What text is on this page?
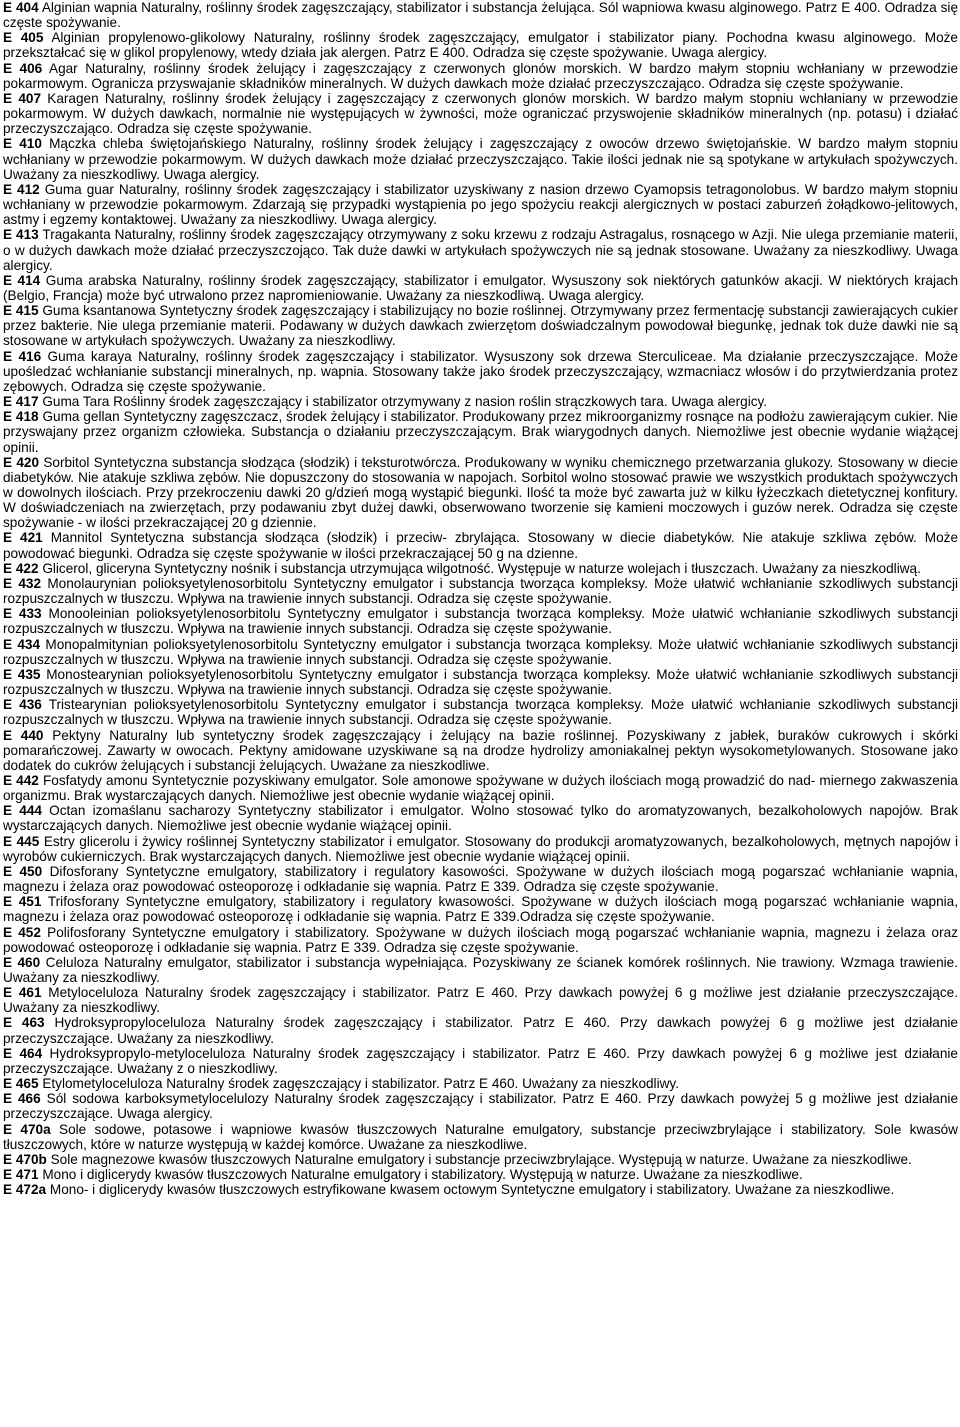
E 404 Alginian wapnia Naturalny, roślinny środek zagęszczający, stabilizator i substancja żelująca. Sól wapniowa kwasu alginowego. Patrz E 400. Odradza się częste spożywanie.

E 405 Alginian propylenowo-glikolowy Naturalny, roślinny środek zagęszczający, emulgator i stabilizator piany. Pochodna kwasu alginowego. Może przekształcać się w glikol propylenowy, wtedy działa jak alergen. Patrz E 400. Odradza się częste spożywanie. Uwaga alergicy.

E 406 Agar Naturalny, roślinny środek żelujący i zagęszczający z czerwonych glonów morskich. W bardzo małym stopniu wchłaniany w przewodzie pokarmowym. Ogranicza przyswajanie składników mineralnych. W dużych dawkach może działać przeczyszczająco. Odradza się częste spożywanie.

E 407 Karagen Naturalny, roślinny środek żelujący i zagęszczający z czerwonych glonów morskich. W bardzo małym stopniu wchłaniany w przewodzie pokarmowym. W dużych dawkach, normalnie nie występujących w żywności, może ograniczać przyswojenie składników mineralnych (np. potasu) i działać przeczyszczająco. Odradza się częste spożywanie.

E 410 Mączka chleba świętojańskiego Naturalny, roślinny środek żelujący i zagęszczający z owoców drzewo świętojańskie. W bardzo małym stopniu wchłaniany w przewodzie pokarmowym. W dużych dawkach może działać przeczyszczająco. Takie ilości jednak nie są spotykane w artykułach spożywczych. Uważany za nieszkodliwy. Uwaga alergicy.

E 412 Guma guar Naturalny, roślinny środek zagęszczający i stabilizator uzyskiwany z nasion drzewo Cyamopsis tetragonolobus. W bardzo małym stopniu wchłaniany w przewodzie pokarmowym. Zdarzają się przypadki wystąpienia po jego spożyciu reakcji alergicznych w postaci zaburzeń żołądkowo-jelitowych, astmy i egzemy kontaktowej. Uważany za nieszkodliwy. Uwaga alergicy.

E 413 Tragakanta Naturalny, roślinny środek zagęszczający otrzymywany z soku krzewu z rodzaju Astragalus, rosnącego w Azji. Nie ulega przemianie materii, o w dużych dawkach może działać przeczyszczojąco. Tak duże dawki w artykułach spożywczych nie są jednak stosowane. Uważany za nieszkodliwy. Uwaga alergicy.

E 414 Guma arabska Naturalny, roślinny środek zagęszczający, stabilizator i emulgator. Wysuszony sok niektórych gatunków akacji. W niektórych krajach (Belgio, Francja) może być utrwalono przez napromieniowanie. Uważany za nieszkodliwą. Uwaga alergicy.

E 415 Guma ksantanowa Syntetyczny środek zagęszczający i stabilizujący no bozie roślinnej. Otrzymywany przez fermentację substancji zawierających cukier przez bakterie. Nie ulega przemianie materii. Podawany w dużych dawkach zwierzętom doświadczalnym powodował biegunkę, jednak tok duże dawki nie są stosowane w artykułach spożywczych. Uważany za nieszkodliwy.

E 416 Guma karaya Naturalny, roślinny środek zagęszczający i stabilizator. Wysuszony sok drzewa Sterculiceae. Ma działanie przeczyszczające. Może upośledzać wchłanianie substancji mineralnych, np. wapnia. Stosowany także jako środek przeczyszczający, wzmacniacz włosów i do przytwierdzania protez zębowych. Odradza się częste spożywanie.

E 417 Guma Tara Roślinny środek zagęszczający i stabilizator otrzymywany z nasion roślin strączkowych tara. Uwaga alergicy.

E 418 Guma gellan Syntetyczny zagęszczacz, środek żelujący i stabilizator. Produkowany przez mikroorganizmy rosnące na podłożu zawierającym cukier. Nie przyswajany przez organizm człowieka. Substancja o działaniu przeczyszczającym. Brak wiarygodnych danych. Niemożliwe jest obecnie wydanie wiążącej opinii.

E 420 Sorbitol Syntetyczna substancja słodząca (słodzik) i teksturotwórcza. Produkowany w wyniku chemicznego przetwarzania glukozy. Stosowany w diecie diabetyków. Nie atakuje szkliwa zębów. Nie dopuszczony do stosowania w napojach. Sorbitol wolno stosować prawie we wszystkich produktach spożywczych w dowolnych ilościach. Przy przekroczeniu dawki 20 g/dzień mogą wystąpić biegunki. Ilość ta może być zawarta już w kilku łyżeczkach dietetycznej konfitury. W doświadczeniach na zwierzętach, przy podawaniu zbyt dużej dawki, obserwowano tworzenie się kamieni moczowych i guzów nerek. Odradza się częste spożywanie - w ilości przekraczającej 20 g dziennie.

E 421 Mannitol Syntetyczna substancja słodząca (słodzik) i przeciw- zbrylająca. Stosowany w diecie diabetyków. Nie atakuje szkliwa zębów. Może powodować biegunki. Odradza się częste spożywanie w ilości przekraczającej 50 g na dzienne.

E 422 Glicerol, gliceryna Syntetyczny nośnik i substancja utrzymująca wilgotność. Występuje w naturze wolejach i tłuszczach. Uważany za nieszkodliwą.

E 432 Monolaurynian polioksyetylenosorbitolu Syntetyczny emulgator i substancja tworząca kompleksy. Może ułatwić wchłanianie szkodliwych substancji rozpuszczalnych w tłuszczu. Wpływa na trawienie innych substancji. Odradza się częste spożywanie.

E 433 Monooleinian polioksyetylenosorbitolu Syntetyczny emulgator i substancja tworząca kompleksy. Może ułatwić wchłanianie szkodliwych substancji rozpuszczalnych w tłuszczu. Wpływa na trawienie innych substancji. Odradza się częste spożywanie.

E 434 Monopalmitynian polioksyetylenosorbitolu Syntetyczny emulgator i substancja tworząca kompleksy. Może ułatwić wchłanianie szkodliwych substancji rozpuszczalnych w tłuszczu. Wpływa na trawienie innych substancji. Odradza się częste spożywanie.

E 435 Monostearynian polioksyetylenosorbitolu Syntetyczny emulgator i substancja tworząca kompleksy. Może ułatwić wchłanianie szkodliwych substancji rozpuszczalnych w tłuszczu. Wpływa na trawienie innych substancji. Odradza się częste spożywanie.

E 436 Tristearynian polioksyetylenosorbitolu Syntetyczny emulgator i substancja tworząca kompleksy. Może ułatwić wchłanianie szkodliwych substancji rozpuszczalnych w tłuszczu. Wpływa na trawienie innych substancji. Odradza się częste spożywanie.

E 440 Pektyny Naturalny lub syntetyczny środek zagęszczający i żelujący na bazie roślinnej. Pozyskiwany z jabłek, buraków cukrowych i skórki pomarańczowej. Zawarty w owocach. Pektyny amidowane uzyskiwane są na drodze hydrolizy amoniakalnej pektyn wysokometylowanych. Stosowane jako dodatek do cukrów żelujących i substancji żelujących. Uważane za nieszkodliwe.

E 442 Fosfatydy amonu Syntetycznie pozyskiwany emulgator. Sole amonowe spożywane w dużych ilościach mogą prowadzić do nad- miernego zakwaszenia organizmu. Brak wystarczających danych. Niemożliwe jest obecnie wydanie wiążącej opinii.

E 444 Octan izomaślanu sacharozy Syntetyczny stabilizator i emulgator. Wolno stosować tylko do aromatyzowanych, bezalkoholowych napojów. Brak wystarczających danych. Niemożliwe jest obecnie wydanie wiążącej opinii.

E 445 Estry glicerolu i żywicy roślinnej Syntetyczny stabilizator i emulgator. Stosowany do produkcji aromatyzowanych, bezalkoholowych, mętnych napojów i wyrobów cukierniczych. Brak wystarczających danych. Niemożliwe jest obecnie wydanie wiążącej opinii.

E 450 Difosforany Syntetyczne emulgatory, stabilizatory i regulatory kasowości. Spożywane w dużych ilościach mogą pogarszać wchłanianie wapnia, magnezu i żelaza oraz powodować osteoporozę i odkładanie się wapnia. Patrz E 339. Odradza się częste spożywanie.

E 451 Trifosforany Syntetyczne emulgatory, stabilizatory i regulatory kwasowości. Spożywane w dużych ilościach mogą pogarszać wchłanianie wapnia, magnezu i żelaza oraz powodować osteoporozę i odkładanie się wapnia. Patrz E 339.Odradza się częste spożywanie.

E 452 Polifosforany Syntetyczne emulgatory i stabilizatory. Spożywane w dużych ilościach mogą pogarszać wchłanianie wapnia, magnezu i żelaza oraz powodować osteoporozę i odkładanie się wapnia. Patrz E 339. Odradza się częste spożywanie.

E 460 Celuloza Naturalny emulgator, stabilizator i substancja wypełniająca. Pozyskiwany ze ścianek komórek roślinnych. Nie trawiony. Wzmaga trawienie. Uważany za nieszkodliwy.

E 461 Metyloceluloza Naturalny środek zagęszczający i stabilizator. Patrz E 460. Przy dawkach powyżej 6 g możliwe jest działanie przeczyszczające. Uważany za nieszkodliwy.

E 463 Hydroksypropyloceluloza Naturalny środek zagęszczający i stabilizator. Patrz E 460. Przy dawkach powyżej 6 g możliwe jest działanie przeczyszczające. Uważany za nieszkodliwy.

E 464 Hydroksypropylo-metyloceluloza Naturalny środek zagęszczający i stabilizator. Patrz E 460. Przy dawkach powyżej 6 g możliwe jest działanie przeczyszczające. Uważany z o nieszkodliwy.

E 465 Etylometyloceluloza Naturalny środek zagęszczający i stabilizator. Patrz E 460. Uważany za nieszkodliwy.

E 466 Sól sodowa karboksymetylocelulozy Naturalny środek zagęszczający i stabilizator. Patrz E 460. Przy dawkach powyżej 5 g możliwe jest działanie przeczyszczające. Uwaga alergicy.

E 470a Sole sodowe, potasowe i wapniowe kwasów tłuszczowych Naturalne emulgatory, substancje przeciwzbrylające i stabilizatory. Sole kwasów tłuszczowych, które w naturze występują w każdej komórce. Uważane za nieszkodliwe.

E 470b Sole magnezowe kwasów tłuszczowych Naturalne emulgatory i substancje przeciwzbrylające. Występują w naturze. Uważane za nieszkodliwe.

E 471 Mono i diglicerydy kwasów tłuszczowych Naturalne emulgatory i stabilizatory. Występują w naturze. Uważane za nieszkodliwe.

E 472a Mono- i diglicerydy kwasów tłuszczowych estryfikowane kwasem octowym Syntetyczne emulgatory i stabilizatory. Uważane za nieszkodliwe.
